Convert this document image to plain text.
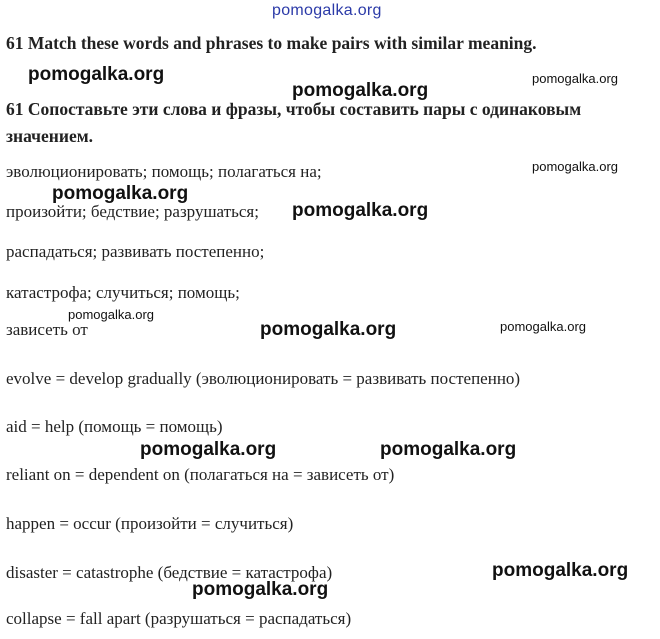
pomogalka.org
61 Match these words and phrases to make pairs with similar meaning.
61 Сопоставьте эти слова и фразы, чтобы составить пары с одинаковым значением.
эволюционировать; помощь; полагаться на;
произойти; бедствие; разрушаться;
распадаться; развивать постепенно;
катастрофа; случиться; помощь;
зависеть от
evolve = develop gradually (эволюционировать = развивать постепенно)
aid = help (помощь = помощь)
reliant on = dependent on (полагаться на = зависеть от)
happen = occur (произойти = случиться)
disaster = catastrophe (бедствие = катастрофа)
collapse = fall apart (разрушаться = распадаться)
pomogalka.org
pomogalka.org
pomogalka.org
pomogalka.org
pomogalka.org
pomogalka.org
pomogalka.org
pomogalka.org	pomogalka.org
pomogalka.org	pomogalka.org
pomogalka.org
pomogalka.org
